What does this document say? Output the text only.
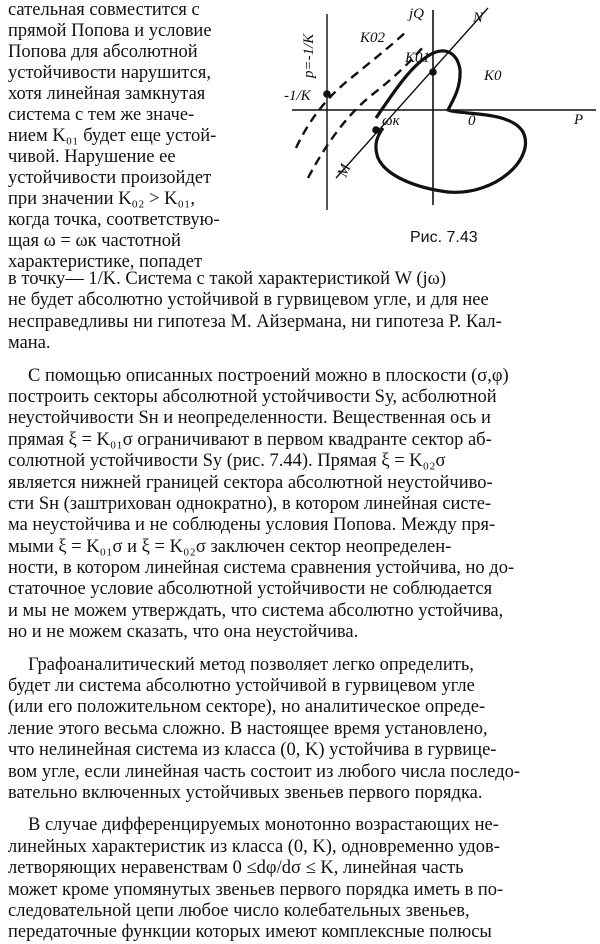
сательная совместится с
прямой Попова и условие
Попова для абсолютной
устойчивости нарушится,
хотя линейная замкнутая
система с тем же значе-
нием K₀₁ будет еще устой-
чивой. Нарушение ее
устойчивости произойдет
при значении K₀₂ > K₀₁,
когда точка, соответствую-
щая ω = ωк частотной
характеристике, попадет
p=-1/K	K02
jQ	N
K01
-1/K
K0
ωк	0	P
M
Рис. 7.43
в точку— 1/K. Система с такой характеристикой W (jω)
не будет абсолютно устойчивой в гурвицевом угле, и для нее
несправедливы ни гипотеза М. Айзермана, ни гипотеза Р. Кал-
мана.
С помощью описанных построений можно в плоскости (σ,φ)
построить секторы абсолютной устойчивости Sу, асболютной
неустойчивости Sн и неопределенности. Вещественная ось и
прямая ξ = K₀₁σ ограничивают в первом квадранте сектор аб-
солютной устойчивости Sу (рис. 7.44). Прямая ξ = K₀₂σ
является нижней границей сектора абсолютной неустойчиво-
сти Sн (заштрихован однократно), в котором линейная систе-
ма неустойчива и не соблюдены условия Попова. Между пря-
мыми ξ = K₀₁σ и ξ = K₀₂σ заключен сектор неопределен-
ности, в котором линейная система сравнения устойчива, но до-
статочное условие абсолютной устойчивости не соблюдается
и мы не можем утверждать, что система абсолютно устойчива,
но и не можем сказать, что она неустойчива.
Графоаналитический метод позволяет легко определить,
будет ли система абсолютно устойчивой в гурвицевом угле
(или его положительном секторе), но аналитическое опреде-
ление этого весьма сложно. В настоящее время установлено,
что нелинейная система из класса (0, K) устойчива в гурвице-
вом угле, если линейная часть состоит из любого числа последо-
вательно включенных устойчивых звеньев первого порядка.
В случае дифференцируемых монотонно возрастающих не-
линейных характеристик из класса (0, K), одновременно удов-
летворяющих неравенствам 0 ≤dφ/dσ ≤ K, линейная часть
может кроме упомянутых звеньев первого порядка иметь в по-
следовательной цепи любое число колебательных звеньев,
передаточные функции которых имеют комплексные полюсы
